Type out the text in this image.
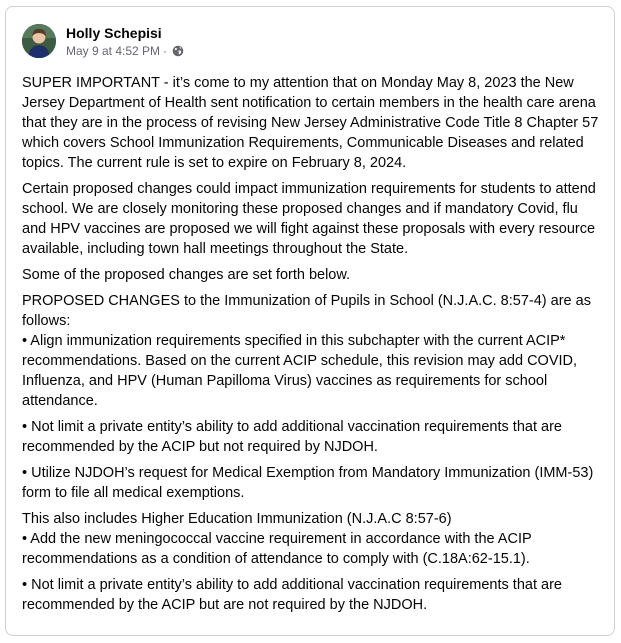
Holly Schepisi
May 9 at 4:52 PM ·

SUPER IMPORTANT - it’s come to my attention that on Monday May 8, 2023 the New Jersey Department of Health sent notification to certain members in the health care arena that they are in the process of revising New Jersey Administrative Code Title 8 Chapter 57 which covers School Immunization Requirements, Communicable Diseases and related topics. The current rule is set to expire on February 8, 2024.

Certain proposed changes could impact immunization requirements for students to attend school. We are closely monitoring these proposed changes and if mandatory Covid, flu and HPV vaccines are proposed we will fight against these proposals with every resource available, including town hall meetings throughout the State.

Some of the proposed changes are set forth below.

PROPOSED CHANGES to the Immunization of Pupils in School (N.J.A.C. 8:57-4) are as follows:
• Align immunization requirements specified in this subchapter with the current ACIP* recommendations. Based on the current ACIP schedule, this revision may add COVID, Influenza, and HPV (Human Papilloma Virus) vaccines as requirements for school attendance.

• Not limit a private entity’s ability to add additional vaccination requirements that are recommended by the ACIP but not required by NJDOH.

• Utilize NJDOH’s request for Medical Exemption from Mandatory Immunization (IMM-53) form to file all medical exemptions.

This also includes Higher Education Immunization (N.J.A.C 8:57-6)
• Add the new meningococcal vaccine requirement in accordance with the ACIP recommendations as a condition of attendance to comply with (C.18A:62-15.1).

• Not limit a private entity’s ability to add additional vaccination requirements that are recommended by the ACIP but are not required by the NJDOH.
